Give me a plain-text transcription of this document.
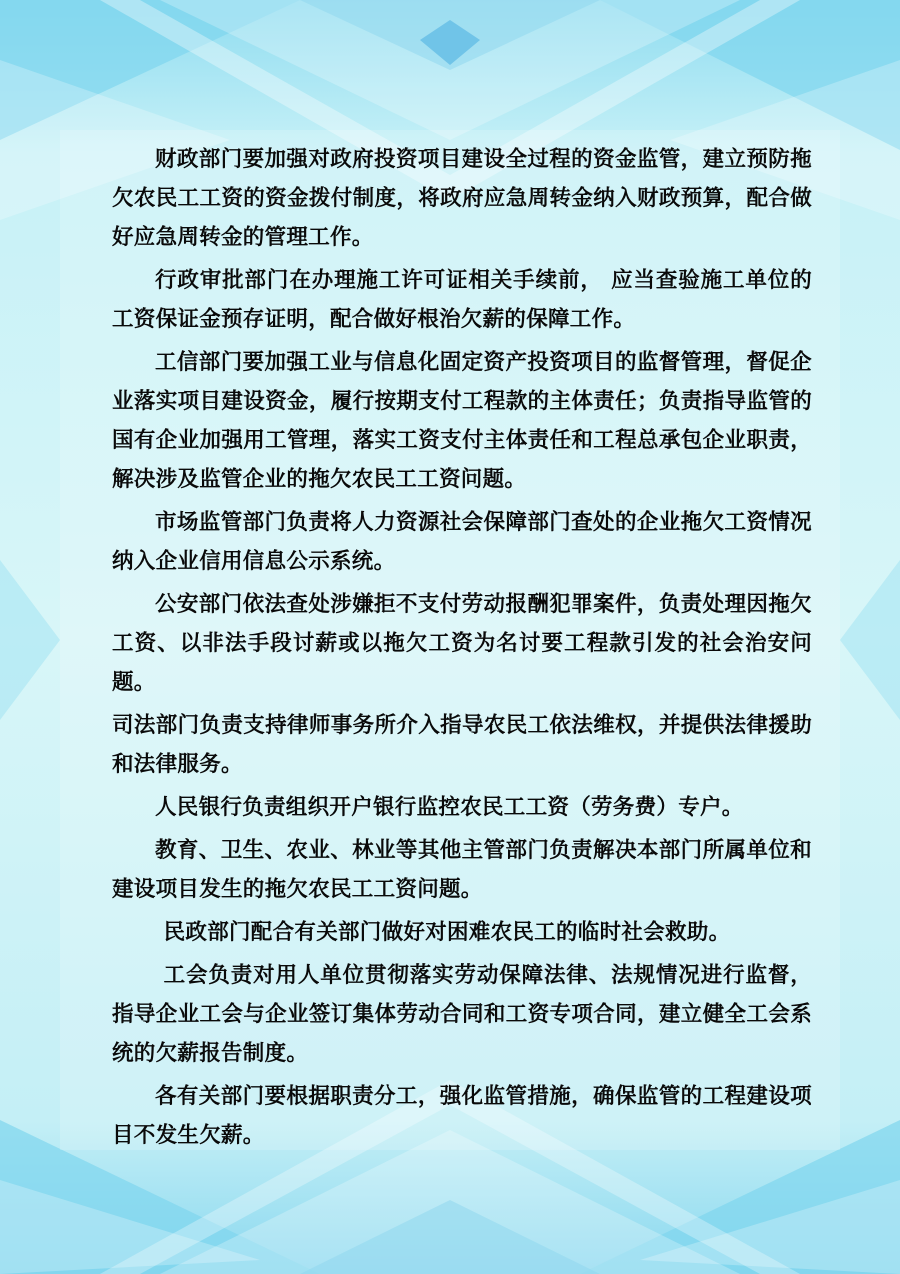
财政部门要加强对政府投资项目建设全过程的资金监管，建立预防拖欠农民工工资的资金拨付制度，将政府应急周转金纳入财政预算，配合做好应急周转金的管理工作。

行政审批部门在办理施工许可证相关手续前， 应当查验施工单位的工资保证金预存证明，配合做好根治欠薪的保障工作。

工信部门要加强工业与信息化固定资产投资项目的监督管理，督促企业落实项目建设资金，履行按期支付工程款的主体责任；负责指导监管的国有企业加强用工管理，落实工资支付主体责任和工程总承包企业职责，解决涉及监管企业的拖欠农民工工资问题。

市场监管部门负责将人力资源社会保障部门查处的企业拖欠工资情况纳入企业信用信息公示系统。

公安部门依法查处涉嫌拒不支付劳动报酬犯罪案件，负责处理因拖欠工资、以非法手段讨薪或以拖欠工资为名讨要工程款引发的社会治安问题。

司法部门负责支持律师事务所介入指导农民工依法维权，并提供法律援助和法律服务。

人民银行负责组织开户银行监控农民工工资（劳务费）专户。

教育、卫生、农业、林业等其他主管部门负责解决本部门所属单位和建设项目发生的拖欠农民工工资问题。

民政部门配合有关部门做好对困难农民工的临时社会救助。

工会负责对用人单位贯彻落实劳动保障法律、法规情况进行监督，指导企业工会与企业签订集体劳动合同和工资专项合同，建立健全工会系统的欠薪报告制度。

各有关部门要根据职责分工，强化监管措施，确保监管的工程建设项目不发生欠薪。
